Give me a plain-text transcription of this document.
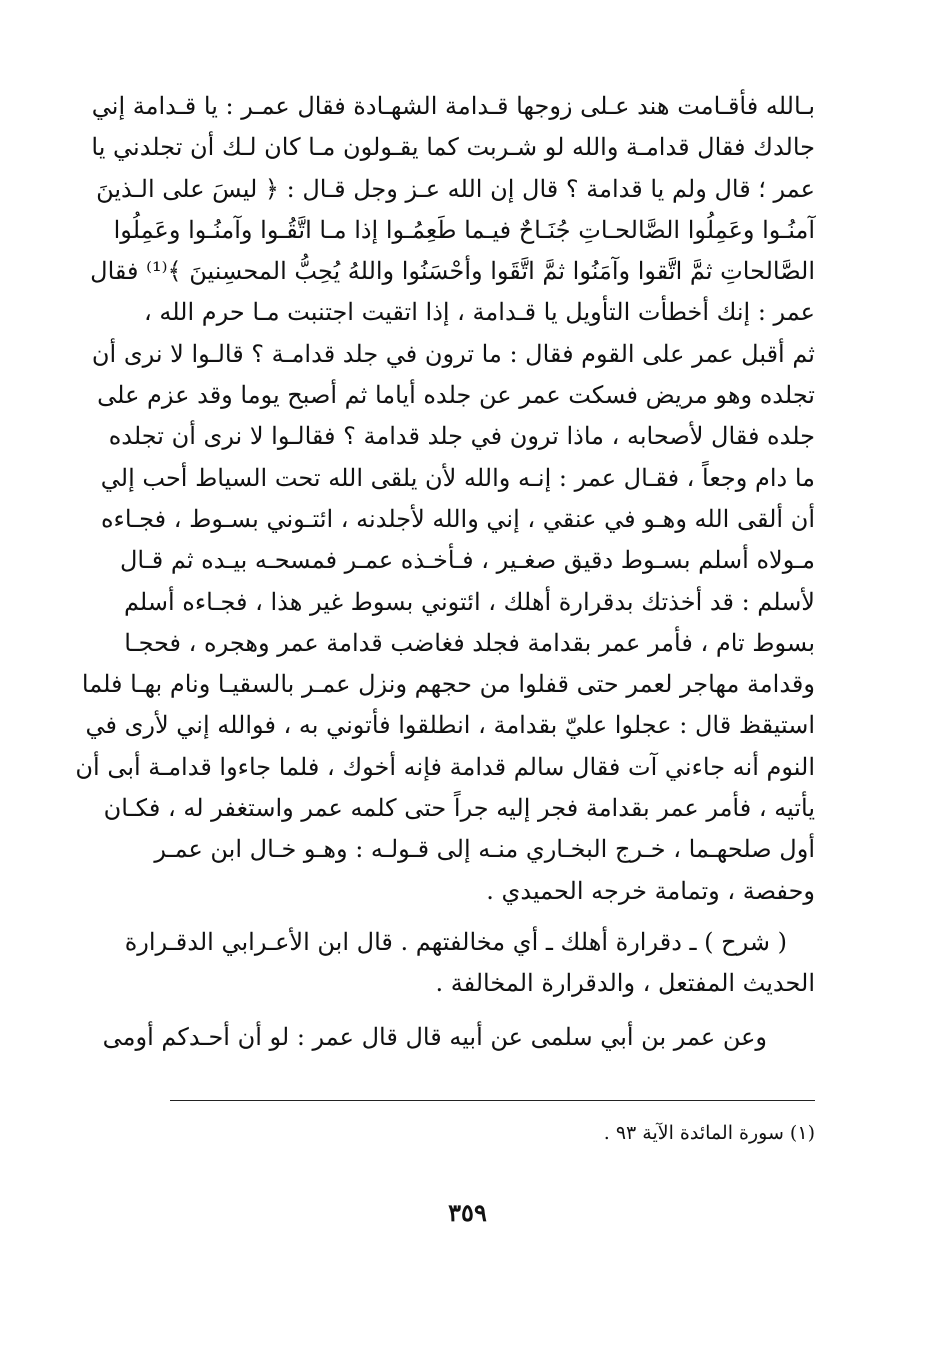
بـالله فأقـامت هند عـلى زوجها قـدامة الشهـادة فقال عمـر : يا قـدامة إني
جالدك فقال قدامـة والله لو شـربت كما يقـولون مـا كان لـك أن تجلدني يا
عمر ؛ قال ولم يا قدامة ؟ قال إن الله عـز وجل قـال : ﴿ ليسَ على الـذينَ
آمنُـوا وعَمِلُوا الصَّالحـاتِ جُنَـاحٌ فيـما طَعِمُـوا إذا مـا اتَّقُـوا وآمنُـوا وعَمِلُوا
الصَّالحاتِ ثمَّ اتَّقوا وآمَنُوا ثمَّ اتَّقَوا وأحْسَنُوا واللهُ يُحِبُّ المحسِنينَ ﴾⁽¹⁾ فقال
عمر : إنك أخطأت التأويل يا قـدامة ، إذا اتقيت اجتنبت مـا حرم الله ،
ثم أقبل عمر على القوم فقال : ما ترون في جلد قدامـة ؟ قالـوا لا نرى أن
تجلده وهو مريض فسكت عمر عن جلده أياما ثم أصبح يوما وقد عزم على
جلده فقال لأصحابه ، ماذا ترون في جلد قدامة ؟ فقالـوا لا نرى أن تجلده
ما دام وجعاً ، فقـال عمر : إنـه والله لأن يلقى الله تحت السياط أحب إلي
أن ألقى الله وهـو في عنقي ، إني والله لأجلدنه ، ائتـوني بسـوط ، فجـاءه
مـولاه أسلم بسـوط دقيق صغـير ، فـأخـذه عمـر فمسحـه بيـده ثم قـال
لأسلم : قد أخذتك بدقرارة أهلك ، ائتوني بسوط غير هذا ، فجـاءه أسلم
بسوط تام ، فأمر عمر بقدامة فجلد فغاضب قدامة عمر وهجره ، فحجـا
وقدامة مهاجر لعمر حتى قفلوا من حجهم ونزل عمـر بالسقيـا ونام بهـا فلما
استيقظ قال : عجلوا عليّ بقدامة ، انطلقوا فأتوني به ، فوالله إني لأرى في
النوم أنه جاءني آت فقال سالم قدامة فإنه أخوك ، فلما جاءوا قدامـة أبى أن
يأتيه ، فأمر عمر بقدامة فجر إليه جراً حتى كلمه عمر واستغفر له ، فكـان
أول صلحهـما ، خـرج البخـاري منـه إلى قـولـه : وهـو خـال ابن عمـر
وحفصة ، وتمامة خرجه الحميدي .
( شرح ) ـ دقرارة أهلك ـ أي مخالفتهم . قال ابن الأعـرابي الدقـرارة
الحديث المفتعل ، والدقرارة المخالفة .
وعن عمر بن أبي سلمى عن أبيه قال قال عمر : لو أن أحـدكم أومى
(١) سورة المائدة الآية ٩٣ .
٣٥٩
